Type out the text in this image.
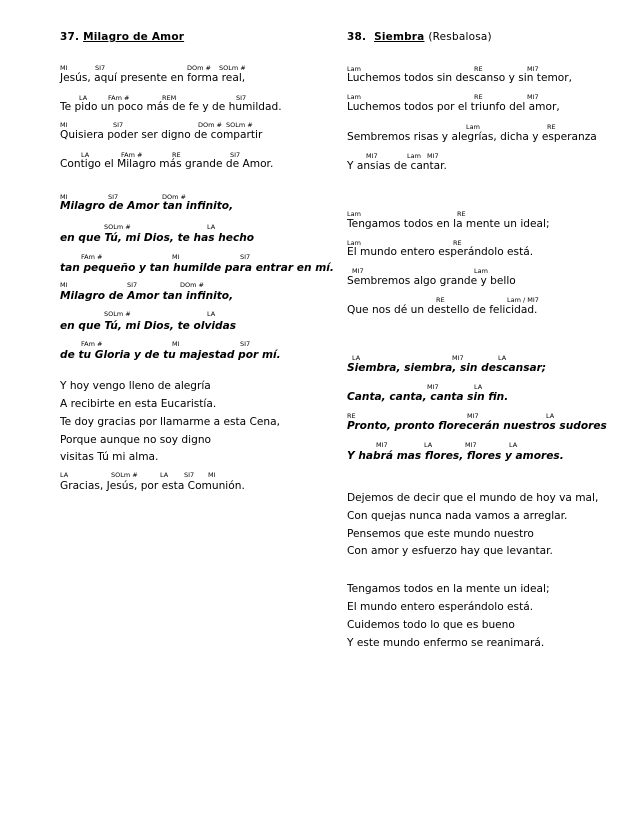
37. Milagro de Amor
MI	SI7	DOm # SOLm #
Jesús, aquí presente en forma real,
LA	FAm #	REM	SI7
Te pido un poco más de fe y de humildad.
MI	SI7	DOm # SOLm #
Quisiera poder ser digno de compartir
LA	FAm #	RE	SI7
Contigo el Milagro más grande de Amor.
MI	SI7	DOm #
Milagro de Amor tan infinito,
SOLm #	LA
en que Tú, mi Dios, te has hecho
FAm #	MI	SI7
tan pequeño y tan humilde para entrar en mí.
MI	SI7	DOm #
Milagro de Amor tan infinito,
SOLm #	LA
en que Tú, mi Dios, te olvidas
FAm #	MI	SI7
de tu Gloria y de tu majestad por mí.
Y hoy vengo lleno de alegría
A recibirte en esta Eucaristía.
Te doy gracias por llamarme a esta Cena,
Porque aunque no soy digno
visitas Tú mi alma.
LA	SOLm #	LA SI7 MI
Gracias, Jesús, por esta Comunión.
38. Siembra (Resbalosa)
Lam	RE	MI7
Luchemos todos sin descanso y sin temor,
Lam	RE	MI7
Luchemos todos por el triunfo del amor,
Lam	RE
Sembremos risas y alegrías, dicha y esperanza
MI7	Lam MI7
Y ansias de cantar.
Lam	RE
Tengamos todos en la mente un ideal;
Lam	RE
El mundo entero esperándolo está.
MI7	Lam
Sembremos algo grande y bello
RE	Lam / MI7
Que nos dé un destello de felicidad.
LA	MI7	LA
Siembra, siembra, sin descansar;
MI7	LA
Canta, canta, canta sin fin.
RE	MI7	LA
Pronto, pronto florecerán nuestros sudores
MI7	LA	MI7	LA
Y habrá mas flores, flores y amores.
Dejemos de decir que el mundo de hoy va mal,
Con quejas nunca nada vamos a arreglar.
Pensemos que este mundo nuestro
Con amor y esfuerzo hay que levantar.
Tengamos todos en la mente un ideal;
El mundo entero esperándolo está.
Cuidemos todo lo que es bueno
Y este mundo enfermo se reanimará.
